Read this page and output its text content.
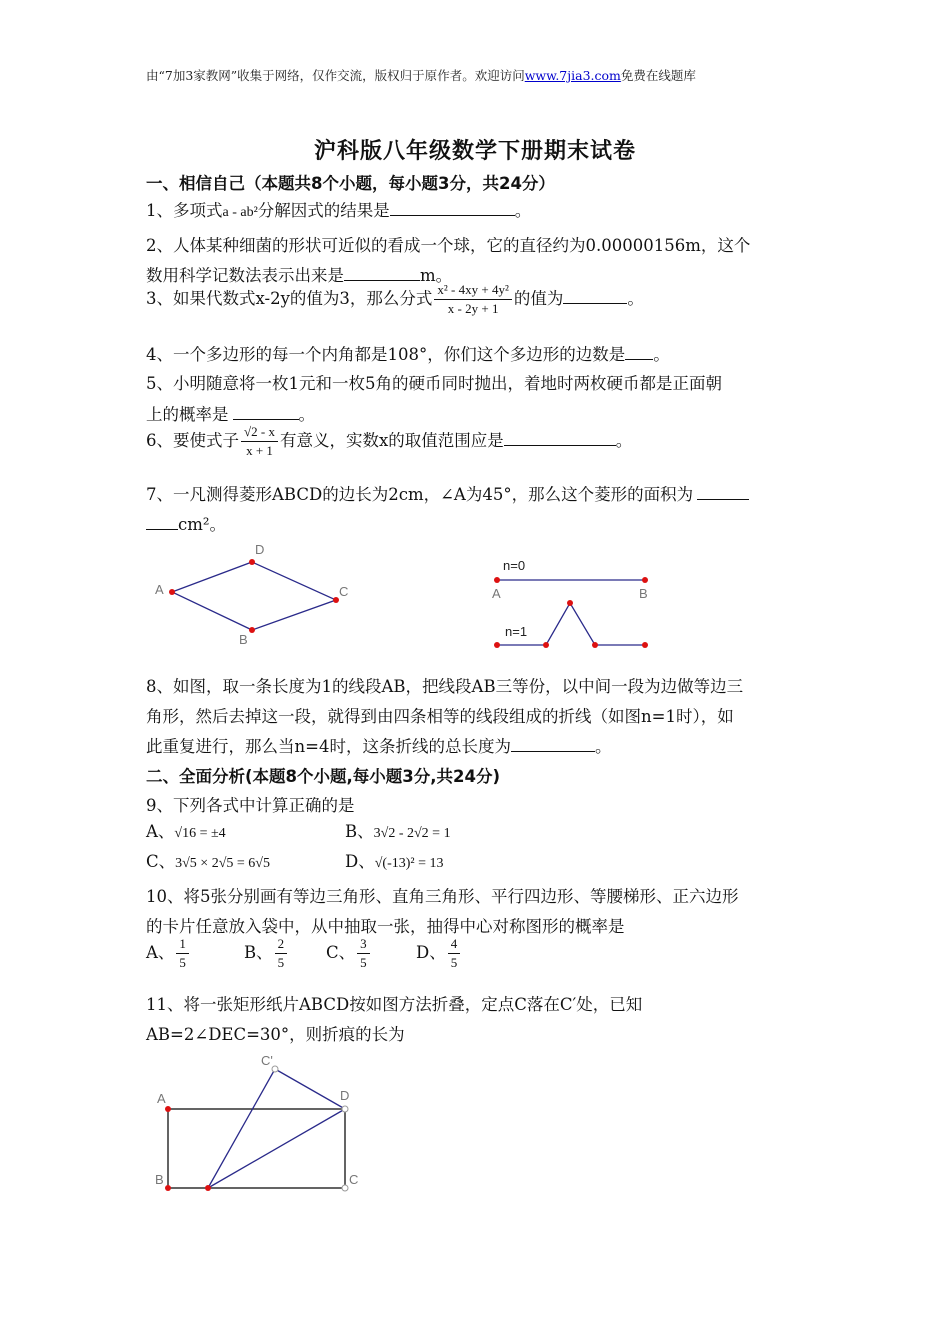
由“7加3家教网”收集于网络，仅作交流，版权归于原作者。欢迎访问www.7jia3.com免费在线题库
沪科版八年级数学下册期末试卷
一、相信自己（本题共8个小题，每小题3分，共24分）
1、多项式a - ab²分解因式的结果是	。
2、人体某种细菌的形状可近似的看成一个球，它的直径约为0.00000156m，这个
数用科学记数法表示出来是	m。
3、如果代数式x-2y的值为3，那么分式 $\frac{\text{x² - 4xy + 4y²}}{x - 2y + 1}$ 的值为	。
4、一个多边形的每一个内角都是108°，你们这个多边形的边数是 。
5、小明随意将一枚1元和一枚5角的硬币同时抛出，着地时两枚硬币都是正面朝
上的概率是	。
6、要使式子 $\frac{√2 - x}{x + 1}$ 有意义，实数x的取值范围应是	。
7、一凡测得菱形ABCD的边长为2cm，∠A为45°，那么这个菱形的面积为
cm²。
A
B
C
D
n=0
A	B
n=1
8、如图，取一条长度为1的线段AB，把线段AB三等份，以中间一段为边做等边三
角形，然后去掉这一段，就得到由四条相等的线段组成的折线（如图n=1时），如
此重复进行，那么当n=4时，这条折线的总长度为	。
二、全面分析(本题8个小题,每小题3分,共24分)
9、下列各式中计算正确的是
A、√16 = ±4	B、3√2 - 2√2 = 1
C、3√5 × 2√5 = 6√5	D、√(-13)² = 13
10、将5张分别画有等边三角形、直角三角形、平行四边形、等腰梯形、正六边形
的卡片任意放入袋中，从中抽取一张，抽得中心对称图形的概率是
A、 $\frac{1}{5}$	B、 $\frac{2}{5}$ C、 $\frac{3}{5}$	D、 $\frac{4}{5}$
11、将一张矩形纸片ABCD按如图方法折叠，定点C落在C′处，已知
AB=2∠DEC=30°，则折痕的长为
A
B	C
D
C'
